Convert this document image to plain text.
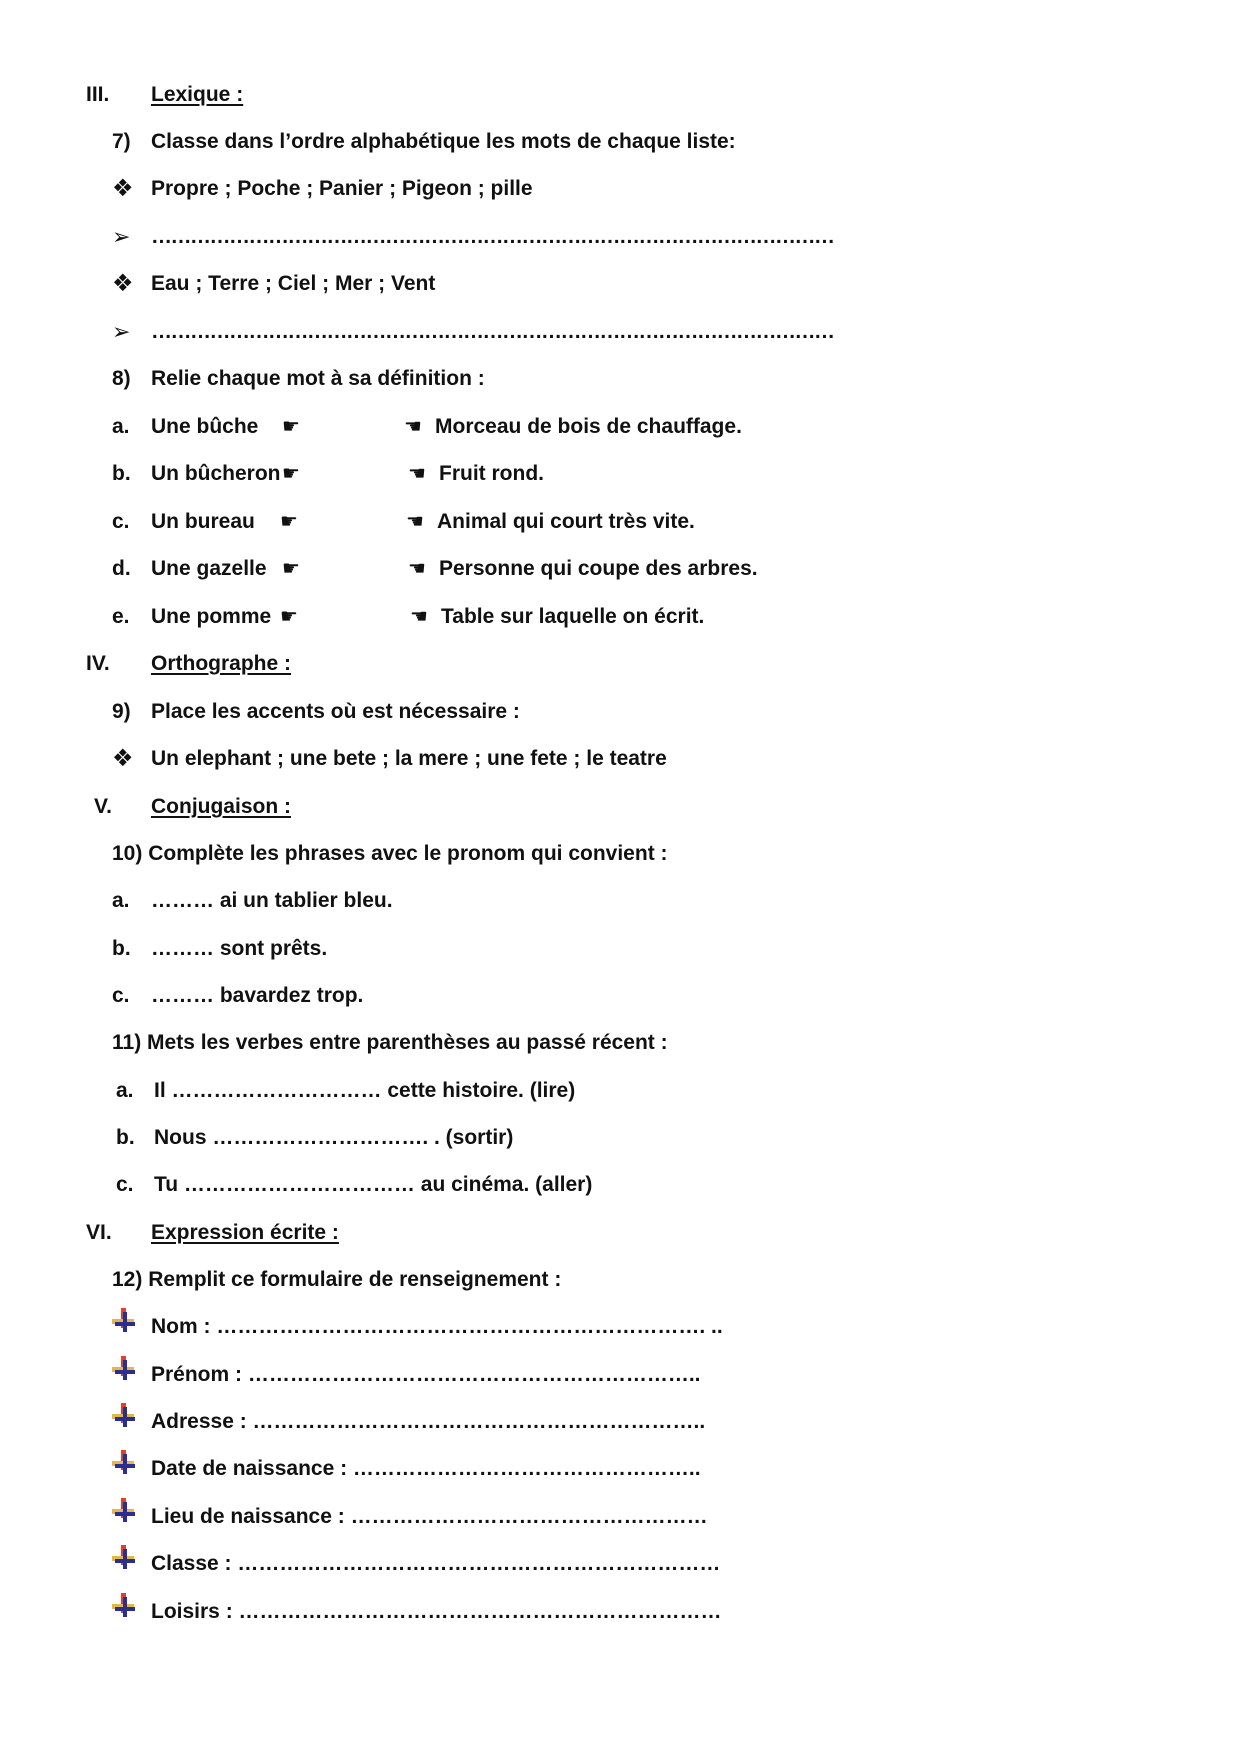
III. Lexique :
7) Classe dans l’ordre alphabétique les mots de chaque liste:
❖ Propre ; Poche ; Panier ; Pigeon ; pille
➢ ……………………………………………………………………………………………
❖ Eau ; Terre ; Ciel ; Mer ; Vent
➢ ……………………………………………………………………………………………
8) Relie chaque mot à sa définition :
a. Une bûche ☛	☚ Morceau de bois de chauffage.
b. Un bûcheron ☛	☚ Fruit rond.
c. Un bureau ☛	☚ Animal qui court très vite.
d. Une gazelle ☛	☚ Personne qui coupe des arbres.
e. Une pomme ☛	☚ Table sur laquelle on écrit.
IV. Orthographe :
9) Place les accents où est nécessaire :
❖ Un elephant ; une bete ; la mere ; une fete ; le teatre
V. Conjugaison :
10) Complète les phrases avec le pronom qui convient :
a. ……… ai un tablier bleu.
b. ……… sont prêts.
c. ……… bavardez trop.
11) Mets les verbes entre parenthèses au passé récent :
a. Il ………………………… cette histoire. (lire)
b. Nous …………………………. . (sortir)
c. Tu …………………………… au cinéma. (aller)
VI. Expression écrite :
12) Remplit ce formulaire de renseignement :
Nom : ……………………………………………………………. ..
Prénom : ………………………………………………………..
Adresse : ………………………………………………………..
Date de naissance : …………………………………………..
Lieu de naissance : ……………………………………………
Classe : ……………………………………………………………
Loisirs : ……………………………………………………………
